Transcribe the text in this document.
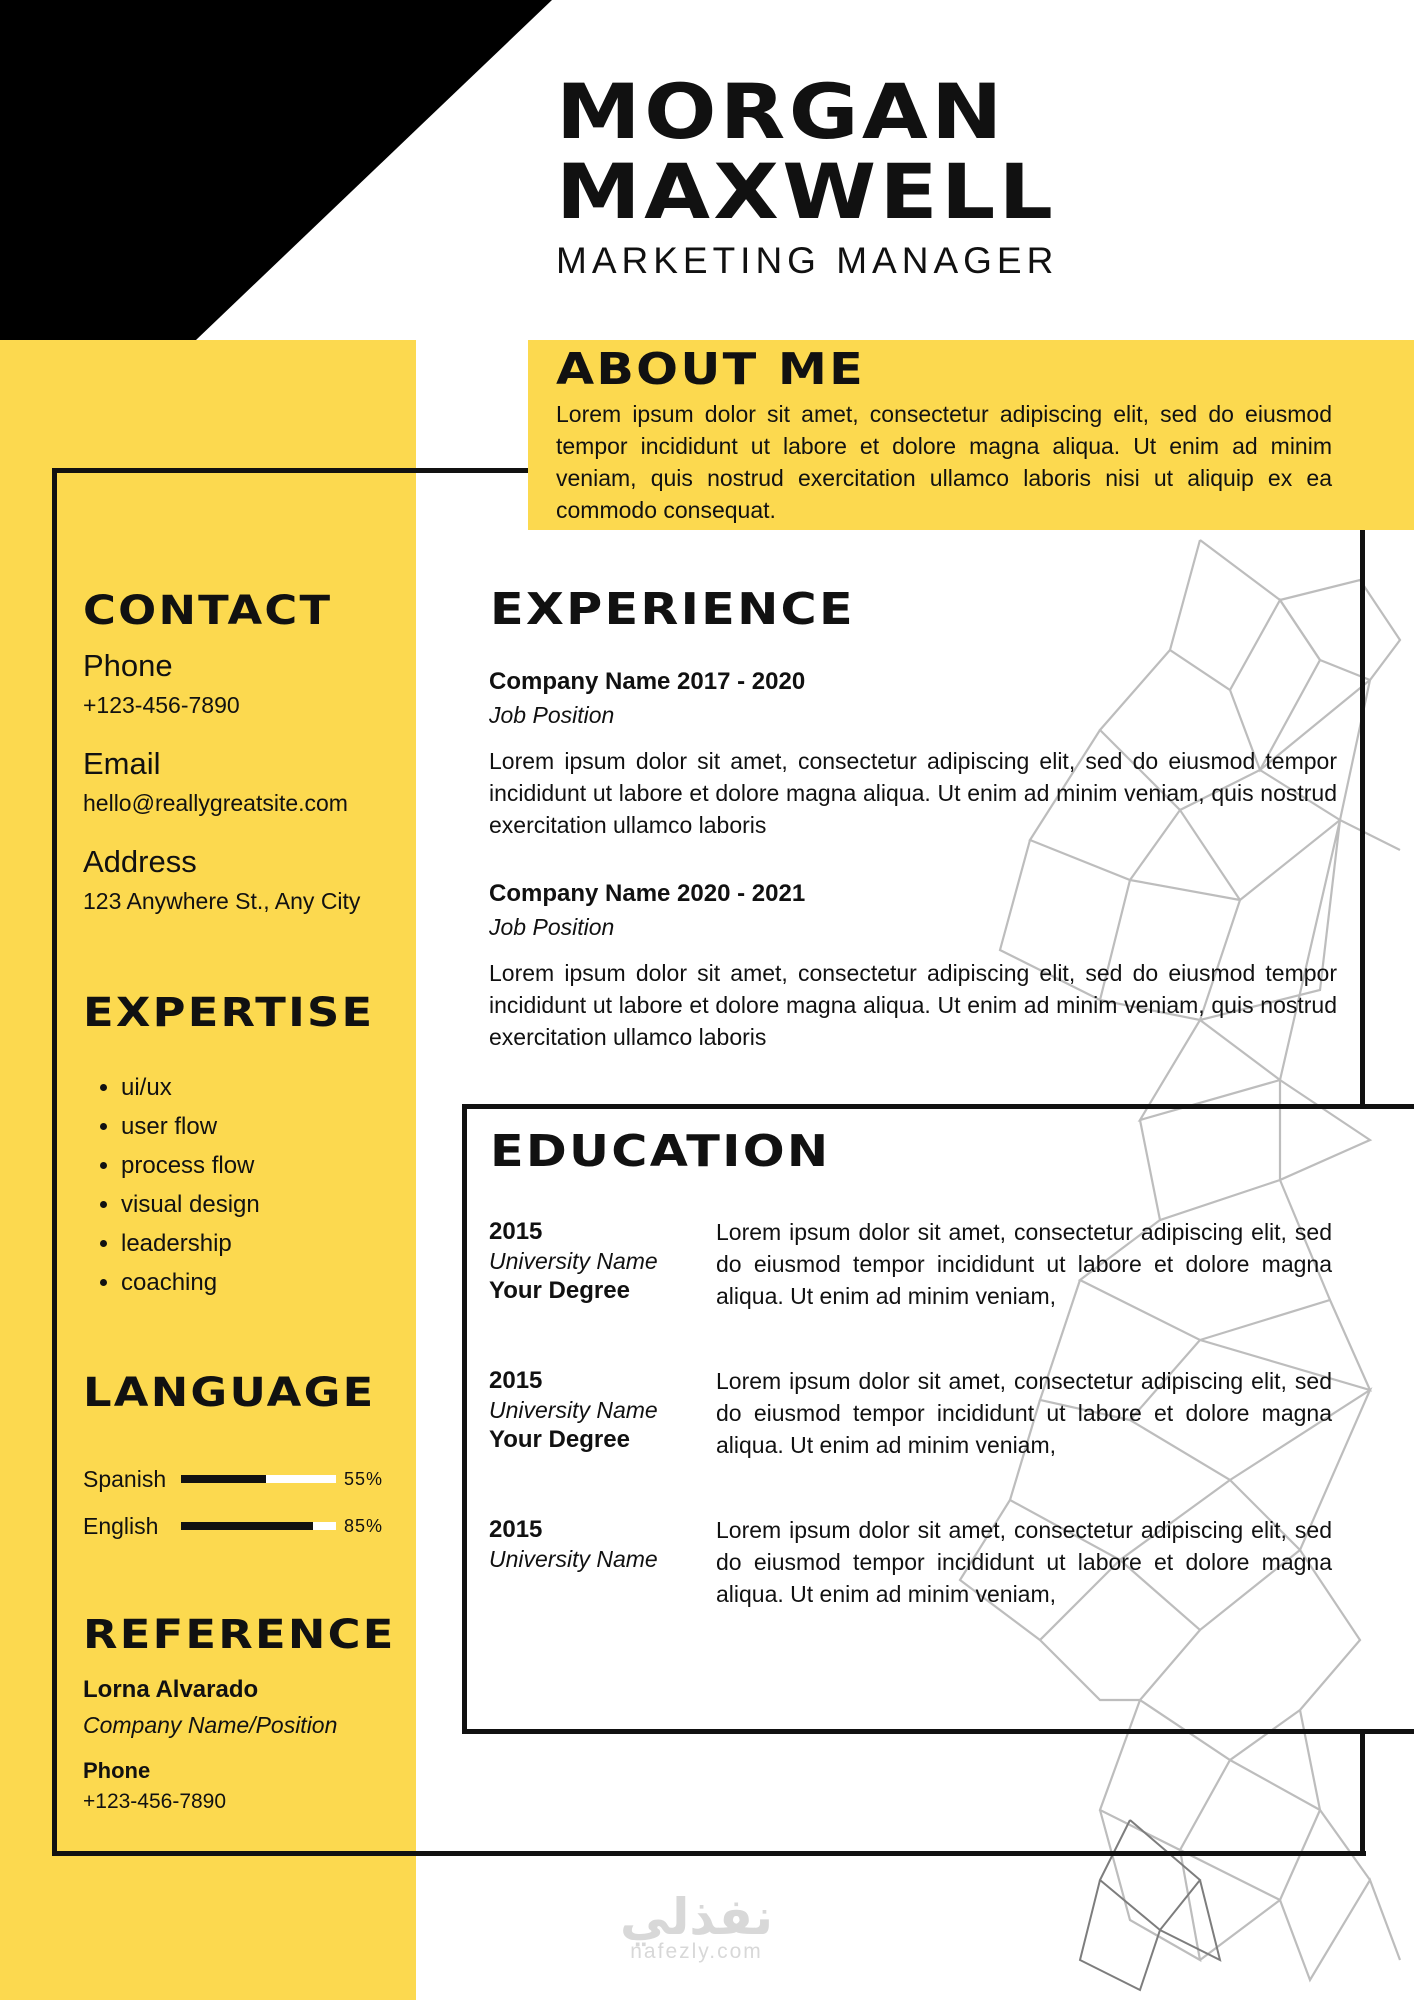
MORGAN
MAXWELL
MARKETING MANAGER
ABOUT ME
Lorem ipsum dolor sit amet, consectetur adipiscing elit, sed do eiusmod tempor incididunt ut labore et dolore magna aliqua. Ut enim ad minim veniam, quis nostrud exercitation ullamco laboris nisi ut aliquip ex ea commodo consequat.
CONTACT
Phone
+123-456-7890
Email
hello@reallygreatsite.com
Address
123 Anywhere St., Any City
EXPERTISE
• ui/ux
• user flow
• process flow
• visual design
• leadership
• coaching
LANGUAGE
Spanish	55%
English	85%
REFERENCE
Lorna Alvarado
Company Name/Position
Phone
+123-456-7890
EXPERIENCE
Company Name 2017 - 2020
Job Position
Lorem ipsum dolor sit amet, consectetur adipiscing elit, sed do eiusmod tempor incididunt ut labore et dolore magna aliqua. Ut enim ad minim veniam, quis nostrud exercitation ullamco laboris
Company Name 2020 - 2021
Job Position
Lorem ipsum dolor sit amet, consectetur adipiscing elit, sed do eiusmod tempor incididunt ut labore et dolore magna aliqua. Ut enim ad minim veniam, quis nostrud exercitation ullamco laboris
EDUCATION
2015
University Name
Your Degree
Lorem ipsum dolor sit amet, consectetur adipiscing elit, sed do eiusmod tempor incididunt ut labore et dolore magna aliqua. Ut enim ad minim veniam,
2015
University Name
Your Degree
Lorem ipsum dolor sit amet, consectetur adipiscing elit, sed do eiusmod tempor incididunt ut labore et dolore magna aliqua. Ut enim ad minim veniam,
2015
University Name
Lorem ipsum dolor sit amet, consectetur adipiscing elit, sed do eiusmod tempor incididunt ut labore et dolore magna aliqua. Ut enim ad minim veniam,
نفذلي
nafezly.com
